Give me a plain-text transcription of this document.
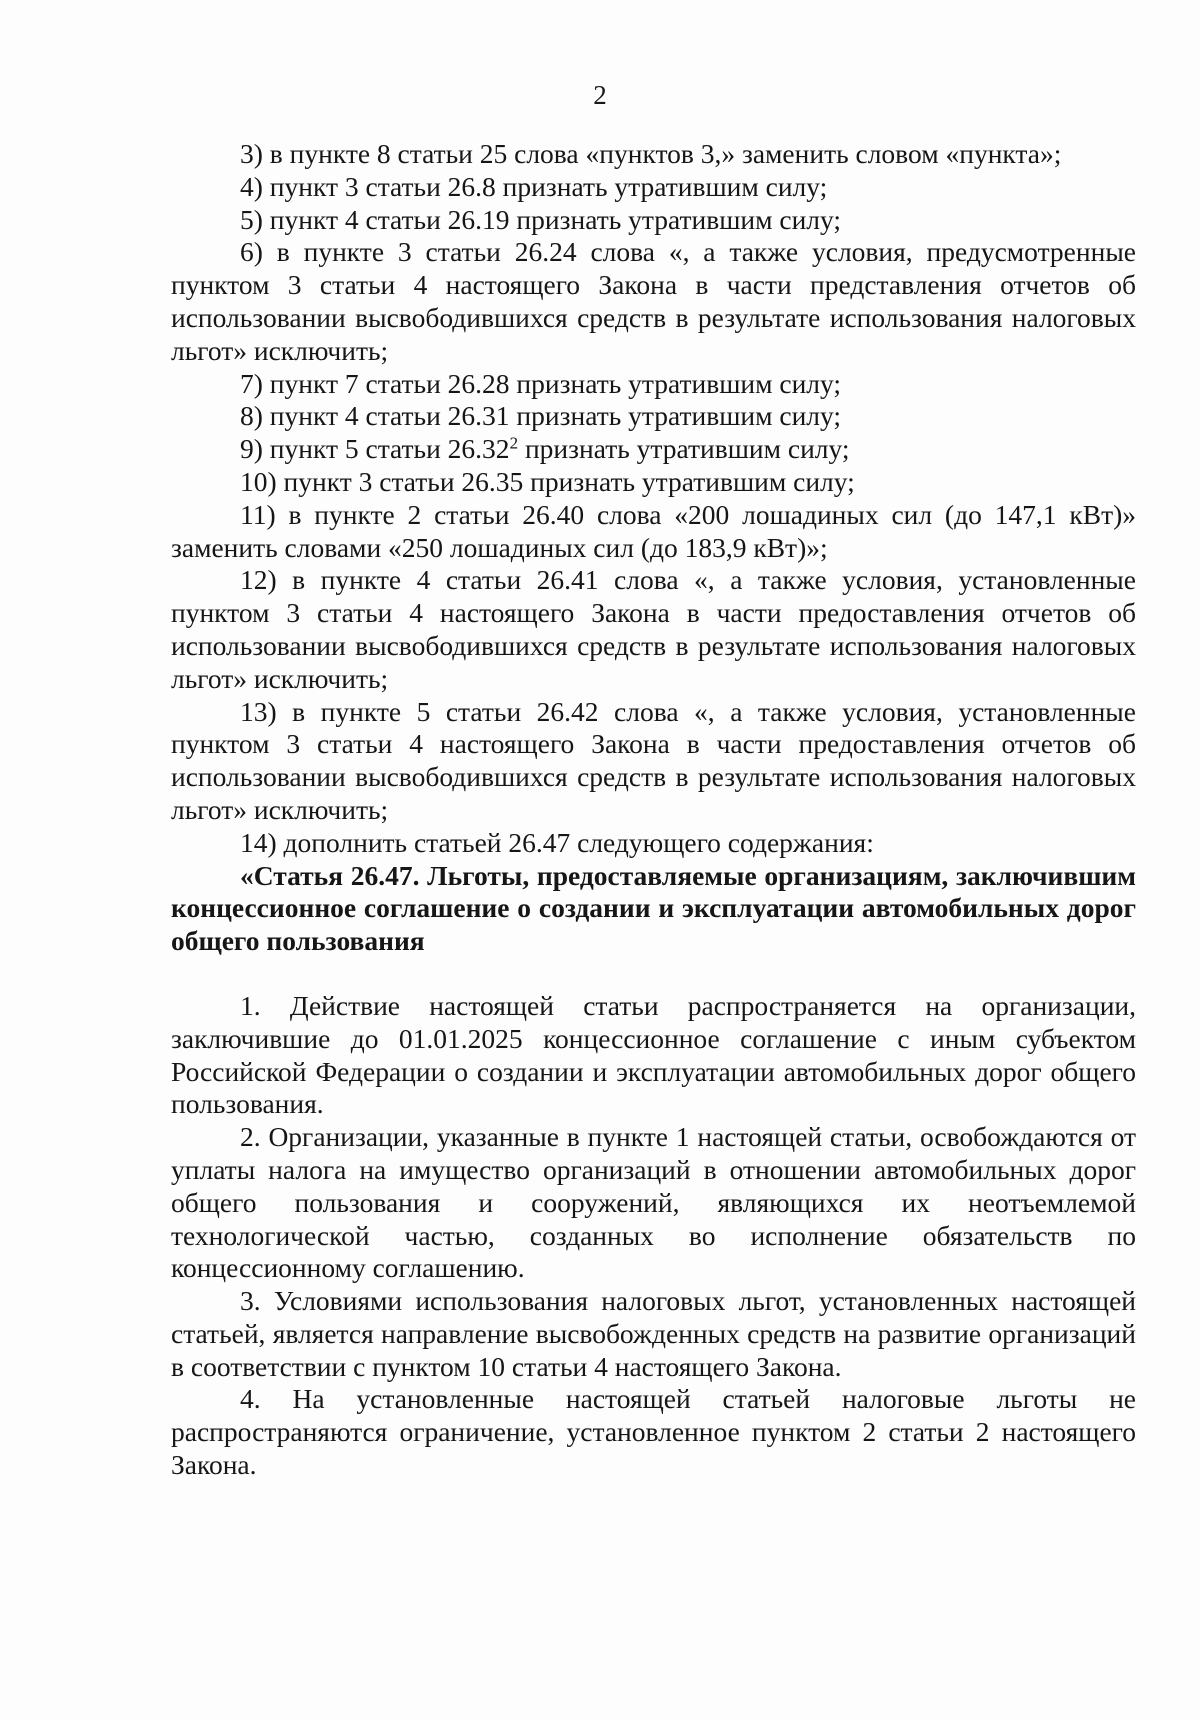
2

3) в пункте 8 статьи 25 слова «пунктов 3,» заменить словом «пункта»;

4) пункт 3 статьи 26.8 признать утратившим силу;

5) пункт 4 статьи 26.19 признать утратившим силу;

6) в пункте 3 статьи 26.24 слова «, а также условия, предусмотренные пунктом 3 статьи 4 настоящего Закона в части представления отчетов об использовании высвободившихся средств в результате использования налоговых льгот» исключить;

7) пункт 7 статьи 26.28 признать утратившим силу;

8) пункт 4 статьи 26.31 признать утратившим силу;

9) пункт 5 статьи 26.32$^2$ признать утратившим силу;

10) пункт 3 статьи 26.35 признать утратившим силу;

11) в пункте 2 статьи 26.40 слова «200 лошадиных сил (до 147,1 кВт)» заменить словами «250 лошадиных сил (до 183,9 кВт)»;

12) в пункте 4 статьи 26.41 слова «, а также условия, установленные пунктом 3 статьи 4 настоящего Закона в части предоставления отчетов об использовании высвободившихся средств в результате использования налоговых льгот» исключить;

13) в пункте 5 статьи 26.42 слова «, а также условия, установленные пунктом 3 статьи 4 настоящего Закона в части предоставления отчетов об использовании высвободившихся средств в результате использования налоговых льгот» исключить;

14) дополнить статьей 26.47 следующего содержания:

«Статья 26.47. Льготы, предоставляемые организациям, заключившим концессионное соглашение о создании и эксплуатации автомобильных дорог общего пользования

1. Действие настоящей статьи распространяется на организации, заключившие до 01.01.2025 концессионное соглашение с иным субъектом Российской Федерации о создании и эксплуатации автомобильных дорог общего пользования.

2. Организации, указанные в пункте 1 настоящей статьи, освобождаются от уплаты налога на имущество организаций в отношении автомобильных дорог общего пользования и сооружений, являющихся их неотъемлемой технологической частью, созданных во исполнение обязательств по концессионному соглашению.

3. Условиями использования налоговых льгот, установленных настоящей статьей, является направление высвобожденных средств на развитие организаций в соответствии с пунктом 10 статьи 4 настоящего Закона.

4. На установленные настоящей статьей налоговые льготы не распространяются ограничение, установленное пунктом 2 статьи 2 настоящего Закона.
